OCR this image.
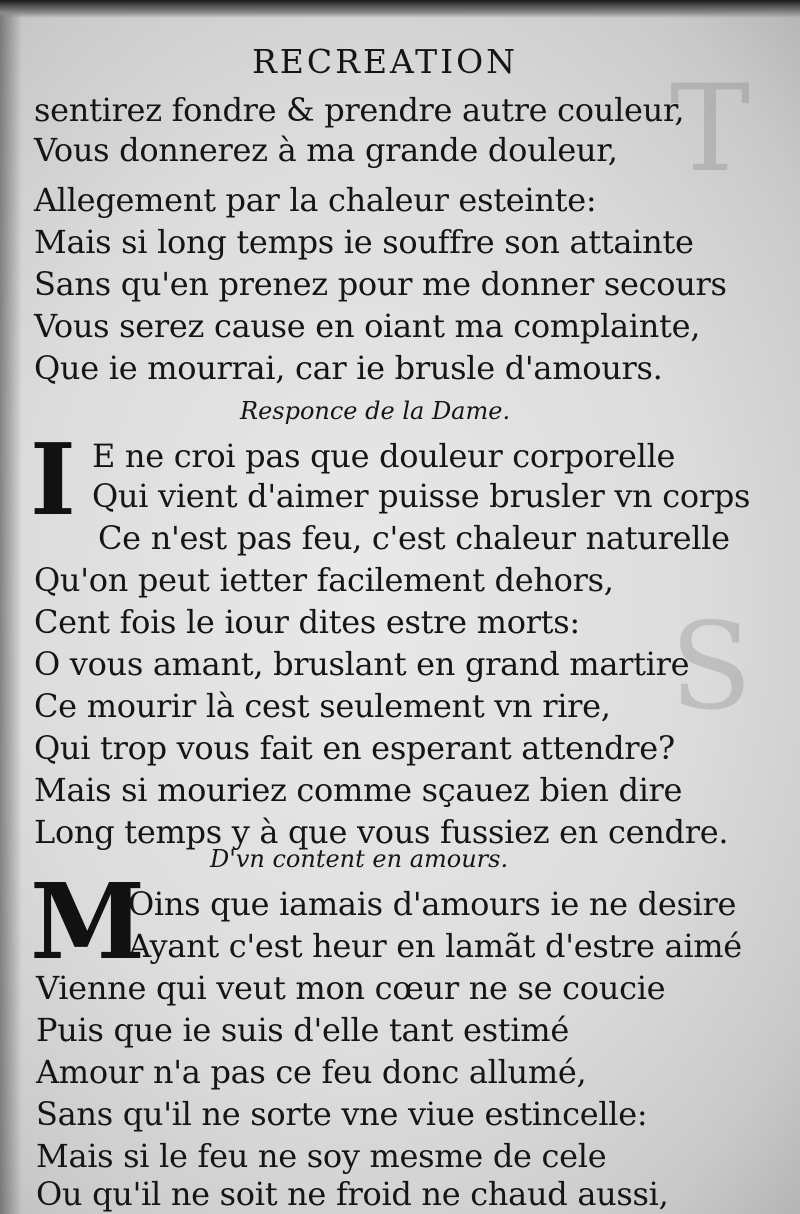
T

S
RECREATION
sentirez fondre & prendre autre couleur,
Vous donnerez à ma grande douleur,
Allegement par la chaleur esteinte:
Mais si long temps ie souffre son attainte
Sans qu'en prenez pour me donner secours
Vous serez cause en oiant ma complainte,
Que ie mourrai, car ie brusle d'amours.
Responce de la Dame.
I E ne croi pas que douleur corporelle
Qui vient d'aimer puisse brusler vn corps
Ce n'est pas feu, c'est chaleur naturelle
Qu'on peut ietter facilement dehors,
Cent fois le iour dites estre morts:
O vous amant, bruslant en grand martire
Ce mourir là cest seulement vn rire,
Qui trop vous fait en esperant attendre?
Mais si mouriez comme sçauez bien dire
Long temps y à que vous fussiez en cendre.
D'vn content en amours.
M
Oins que iamais d'amours ie ne desire
Ayant c'est heur en lamãt d'estre aimé
Vienne qui veut mon cœur ne se coucie
Puis que ie suis d'elle tant estimé
Amour n'a pas ce feu donc allumé,
Sans qu'il ne sorte vne viue estincelle:
Mais si le feu ne soy mesme de cele
Ou qu'il ne soit ne froid ne chaud aussi,
